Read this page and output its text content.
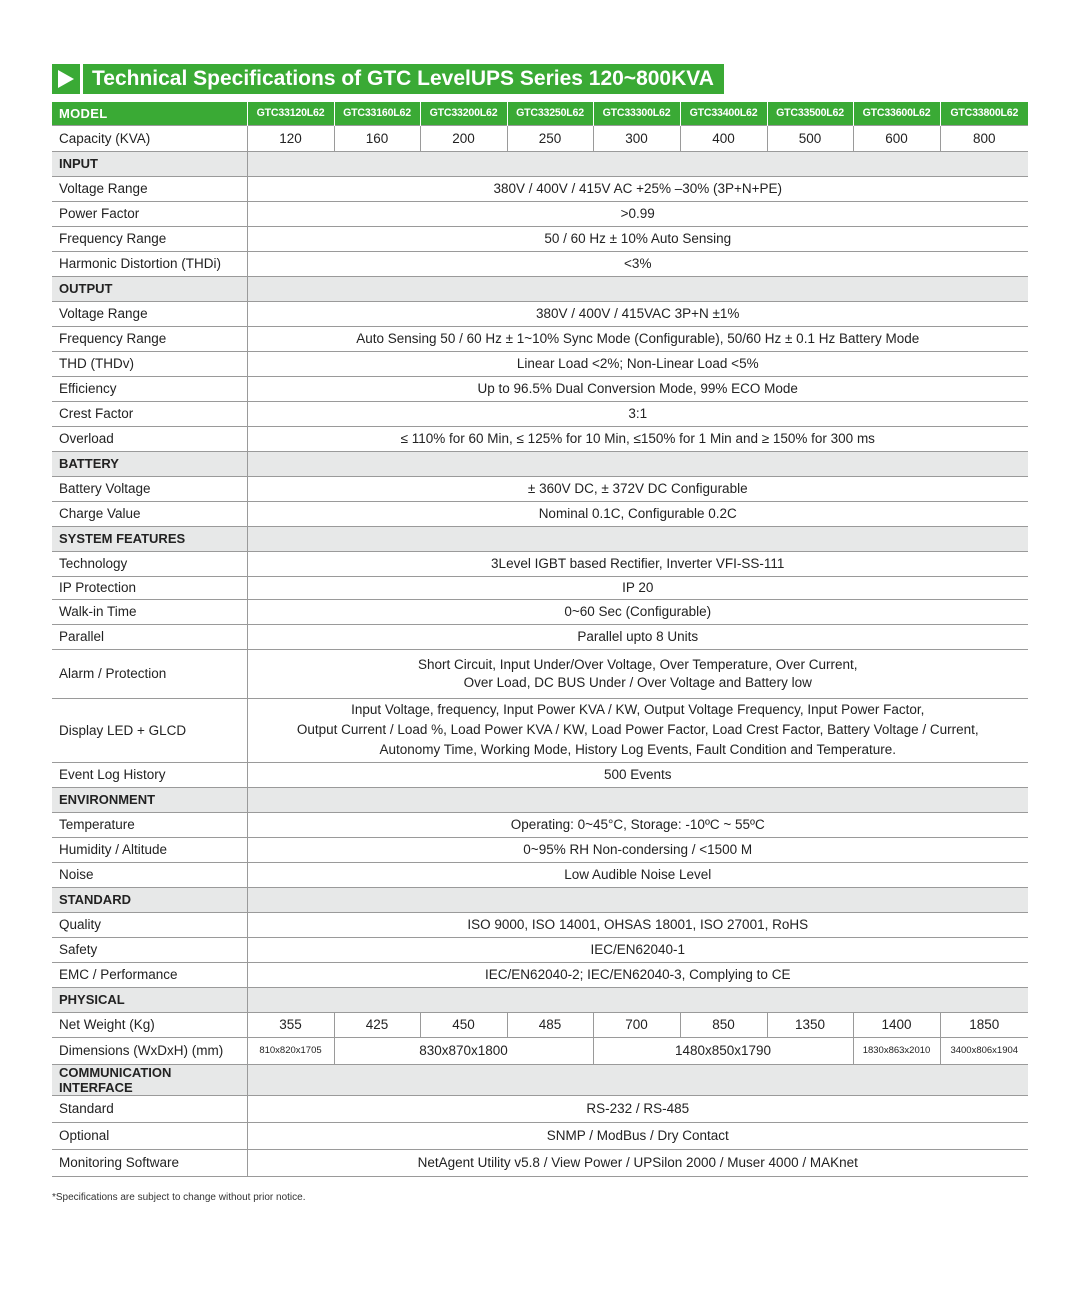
Technical Specifications of GTC LevelUPS Series 120~800KVA
MODEL	GTC33120L62	GTC33160L62	GTC33200L62	GTC33250L62	GTC33300L62	GTC33400L62	GTC33500L62	GTC33600L62	GTC33800L62
Capacity (KVA)	120	160	200	250	300	400	500	600	800
INPUT									
Voltage Range	380V / 400V / 415V AC +25% –30% (3P+N+PE)								
Power Factor	>0.99								
Frequency Range	50 / 60 Hz ± 10% Auto Sensing								
Harmonic Distortion (THDi)	<3%								
OUTPUT									
Voltage Range	380V / 400V / 415VAC 3P+N ±1%								
Frequency Range	Auto Sensing 50 / 60 Hz ± 1~10% Sync Mode (Configurable), 50/60 Hz ± 0.1 Hz Battery Mode								
THD (THDv)	Linear Load <2%; Non-Linear Load <5%								
Efficiency	Up to 96.5% Dual Conversion Mode, 99% ECO Mode								
Crest Factor	3:1								
Overload	≤ 110% for 60 Min, ≤ 125% for 10 Min, ≤150% for 1 Min and ≥ 150% for 300 ms								
BATTERY									
Battery Voltage	± 360V DC, ± 372V DC Configurable								
Charge Value	Nominal 0.1C, Configurable 0.2C								
SYSTEM FEATURES									
Technology	3Level IGBT based Rectifier, Inverter VFI-SS-111								
IP Protection	IP 20								
Walk-in Time	0~60 Sec (Configurable)								
Parallel	Parallel upto 8 Units								
Alarm / Protection	Short Circuit, Input Under/Over Voltage, Over Temperature, Over Current,
Over Load, DC BUS Under / Over Voltage and Battery low								

Display LED + GLCD	Input Voltage, frequency, Input Power KVA / KW, Output Voltage Frequency, Input Power Factor,
Output Current / Load %, Load Power KVA / KW, Load Power Factor, Load Crest Factor, Battery Voltage / Current,
Autonomy Time, Working Mode, History Log Events, Fault Condition and Temperature.								

Event Log History	500 Events								
ENVIRONMENT									
Temperature	Operating: 0~45°C, Storage: -10ºC ~ 55ºC								
Humidity / Altitude	0~95% RH Non-condersing / <1500 M								
Noise	Low Audible Noise Level								
STANDARD									
Quality	ISO 9000, ISO 14001, OHSAS 18001, ISO 27001, RoHS								
Safety	IEC/EN62040-1								
EMC / Performance	IEC/EN62040-2; IEC/EN62040-3, Complying to CE								
PHYSICAL									
Net Weight (Kg)	355	425	450	485	700	850	1350	1400	1850
Dimensions (WxDxH) (mm)	810x820x1705	830x870x1800			1480x850x1790			1830x863x2010	3400x806x1904
COMMUNICATION INTERFACE									
Standard	RS-232 / RS-485								
Optional	SNMP / ModBus / Dry Contact								
Monitoring Software	NetAgent Utility v5.8 / View Power / UPSilon 2000 / Muser 4000 / MAKnet								
*Specifications are subject to change without prior notice.
